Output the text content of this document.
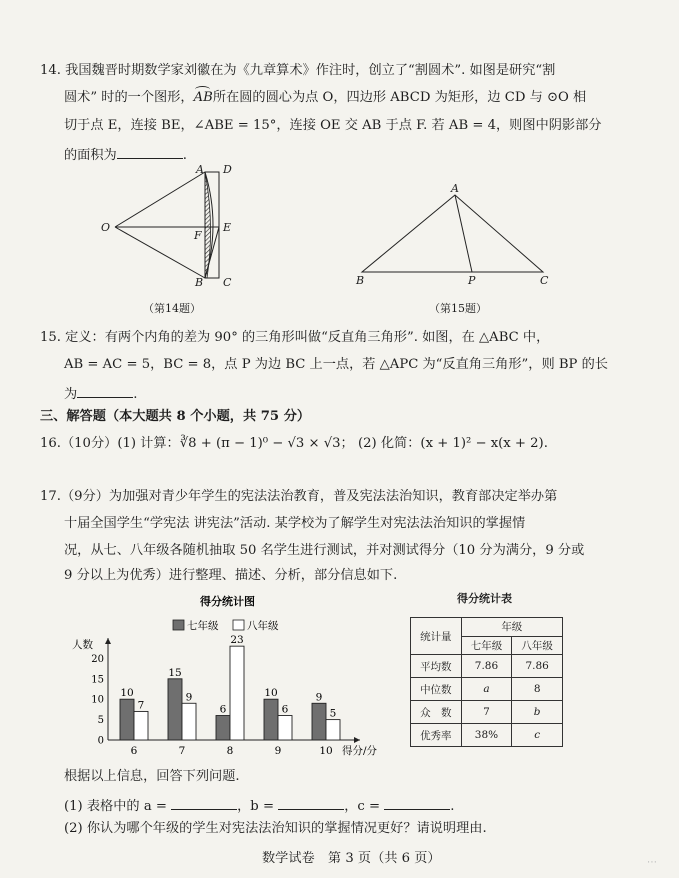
14. 我国魏晋时期数学家刘徽在为《九章算术》作注时，创立了“割圆术”. 如图是研究“割
圆术” 时的一个图形，
AB所在圆的圆心为点 O，四边形 ABCD 为矩形，边 CD 与 ⊙O 相
切于点 E，连接 BE，∠ABE = 15°，连接 OE 交 AB 于点 F. 若 AB = 4，则图中阴影部分
的面积为	.
A D
O
F
E
B C
（第14题）
A
B	P	C
（第15题）
15. 定义：有两个内角的差为 90° 的三角形叫做“反直角三角形”. 如图，在 △ABC 中，
AB = AC = 5，BC = 8，点 P 为边 BC 上一点，若 △APC 为“反直角三角形”，则 BP 的长
为	.
三、解答题（本大题共 8 个小题，共 75 分）
16.（10分）(1) 计算：∛8 + (π − 1)⁰ − √3 × √3； (2) 化简：(x + 1)² − x(x + 2).
17.（9分）为加强对青少年学生的宪法法治教育，普及宪法法治知识，教育部决定举办第
十届全国学生“学宪法 讲宪法”活动. 某学校为了解学生对宪法法治知识的掌握情
况，从七、八年级各随机抽取 50 名学生进行测试，并对测试得分（10 分为满分，9 分或
9 分以上为优秀）进行整理、描述、分析，部分信息如下.
得分统计图
七年级	八年级
人数
10
15
20
5
0
10
7
6
15
9
7
6
23
8
10
6
9
9
5
10 得分/分
得分统计表
统计量	年级	
	七年级	八年级
平均数	7.86	7.86
中位数	a	8
众　数	7	b
优秀率	38%	c
根据以上信息，回答下列问题.
(1) 表格中的 a =	，b =	，c =	.
(2) 你认为哪个年级的学生对宪法法治知识的掌握情况更好？请说明理由.
数学试卷　第 3 页（共 6 页）	⋯
